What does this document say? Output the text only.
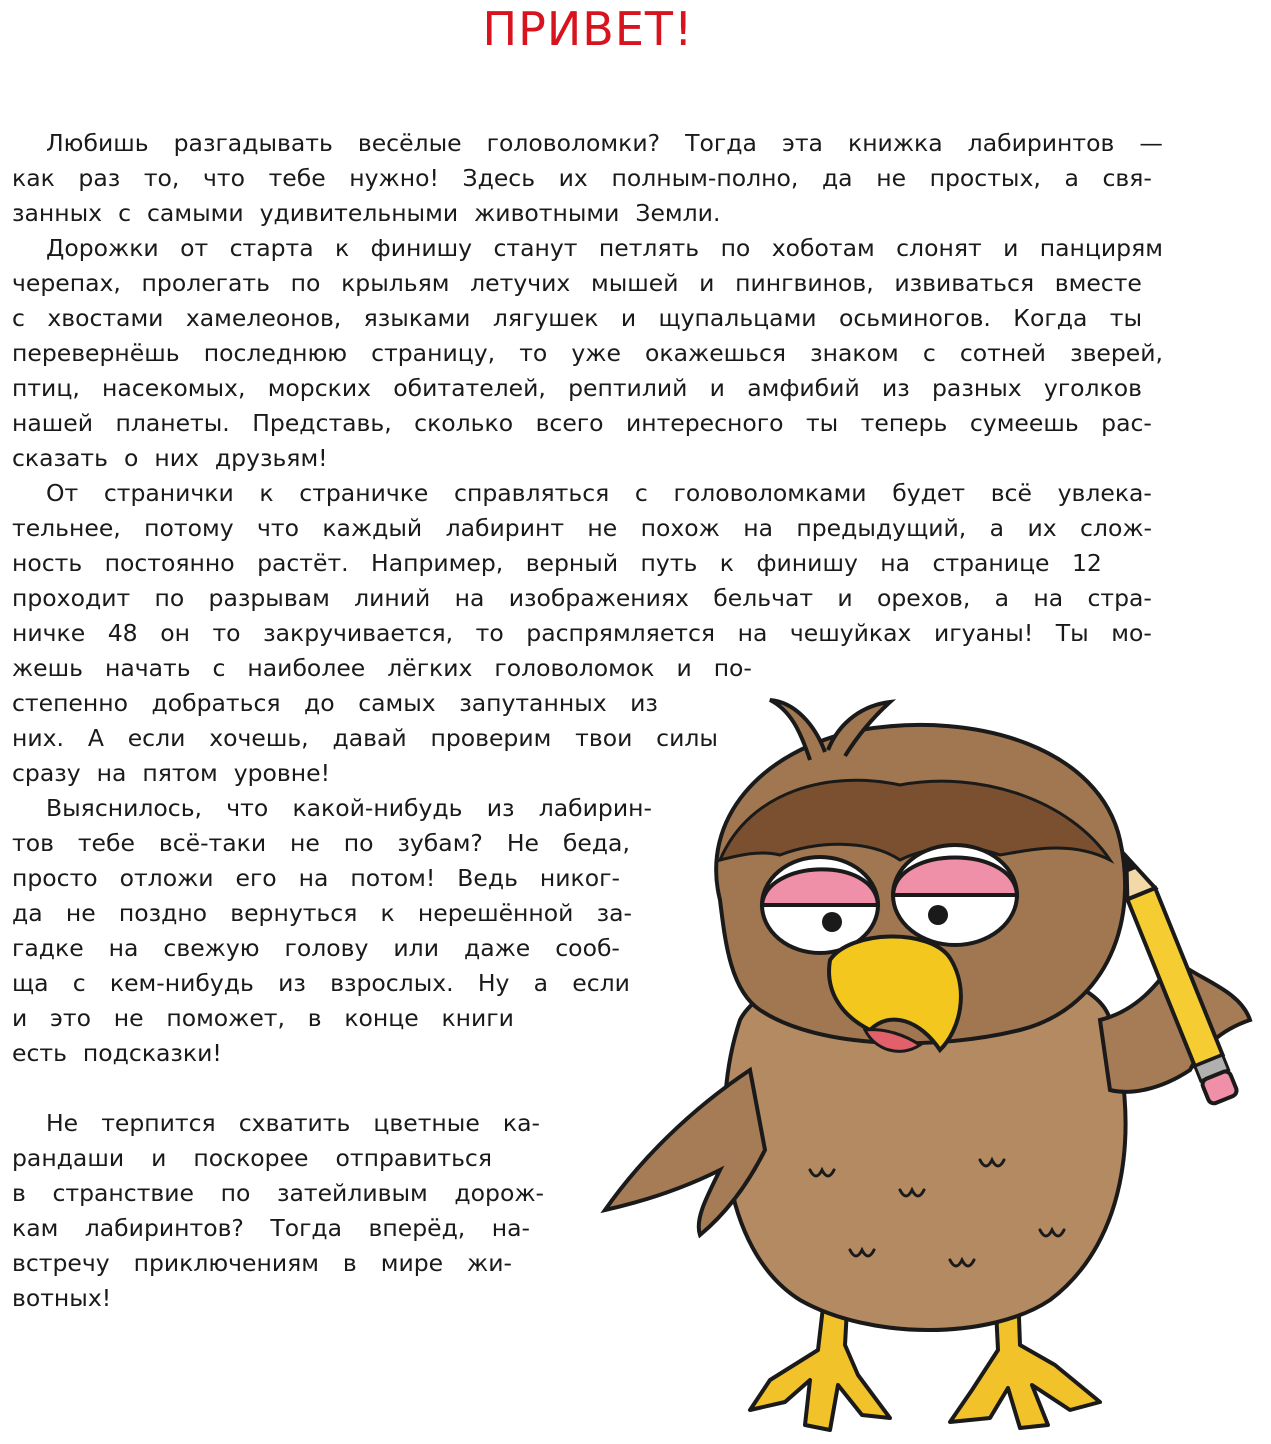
ПРИВЕТ!
Любишь разгадывать весёлые головоломки? Тогда эта книжка лабиринтов —
как раз то, что тебе нужно! Здесь их полным-полно, да не простых, а свя-
занных с самыми удивительными животными Земли.
Дорожки от старта к финишу станут петлять по хоботам слонят и панцирям
черепах, пролегать по крыльям летучих мышей и пингвинов, извиваться вместе
с хвостами хамелеонов, языками лягушек и щупальцами осьминогов. Когда ты
перевернёшь последнюю страницу, то уже окажешься знаком с сотней зверей,
птиц, насекомых, морских обитателей, рептилий и амфибий из разных уголков
нашей планеты. Представь, сколько всего интересного ты теперь сумеешь рас-
сказать о них друзьям!
От странички к страничке справляться с головоломками будет всё увлека-
тельнее, потому что каждый лабиринт не похож на предыдущий, а их слож-
ность постоянно растёт. Например, верный путь к финишу на странице 12
проходит по разрывам линий на изображениях бельчат и орехов, а на стра-
ничке 48 он то закручивается, то распрямляется на чешуйках игуаны! Ты мо-
жешь начать с наиболее лёгких головоломок и по-
степенно добраться до самых запутанных из
них. А если хочешь, давай проверим твои силы
сразу на пятом уровне!
Выяснилось, что какой-нибудь из лабирин-
тов тебе всё-таки не по зубам? Не беда,
просто отложи его на потом! Ведь никог-
да не поздно вернуться к нерешённой за-
гадке на свежую голову или даже сооб-
ща с кем-нибудь из взрослых. Ну а если
и это не поможет, в конце книги
есть подсказки!
Не терпится схватить цветные ка-
рандаши и поскорее отправиться
в странствие по затейливым дорож-
кам лабиринтов? Тогда вперёд, на-
встречу приключениям в мире жи-
вотных!
